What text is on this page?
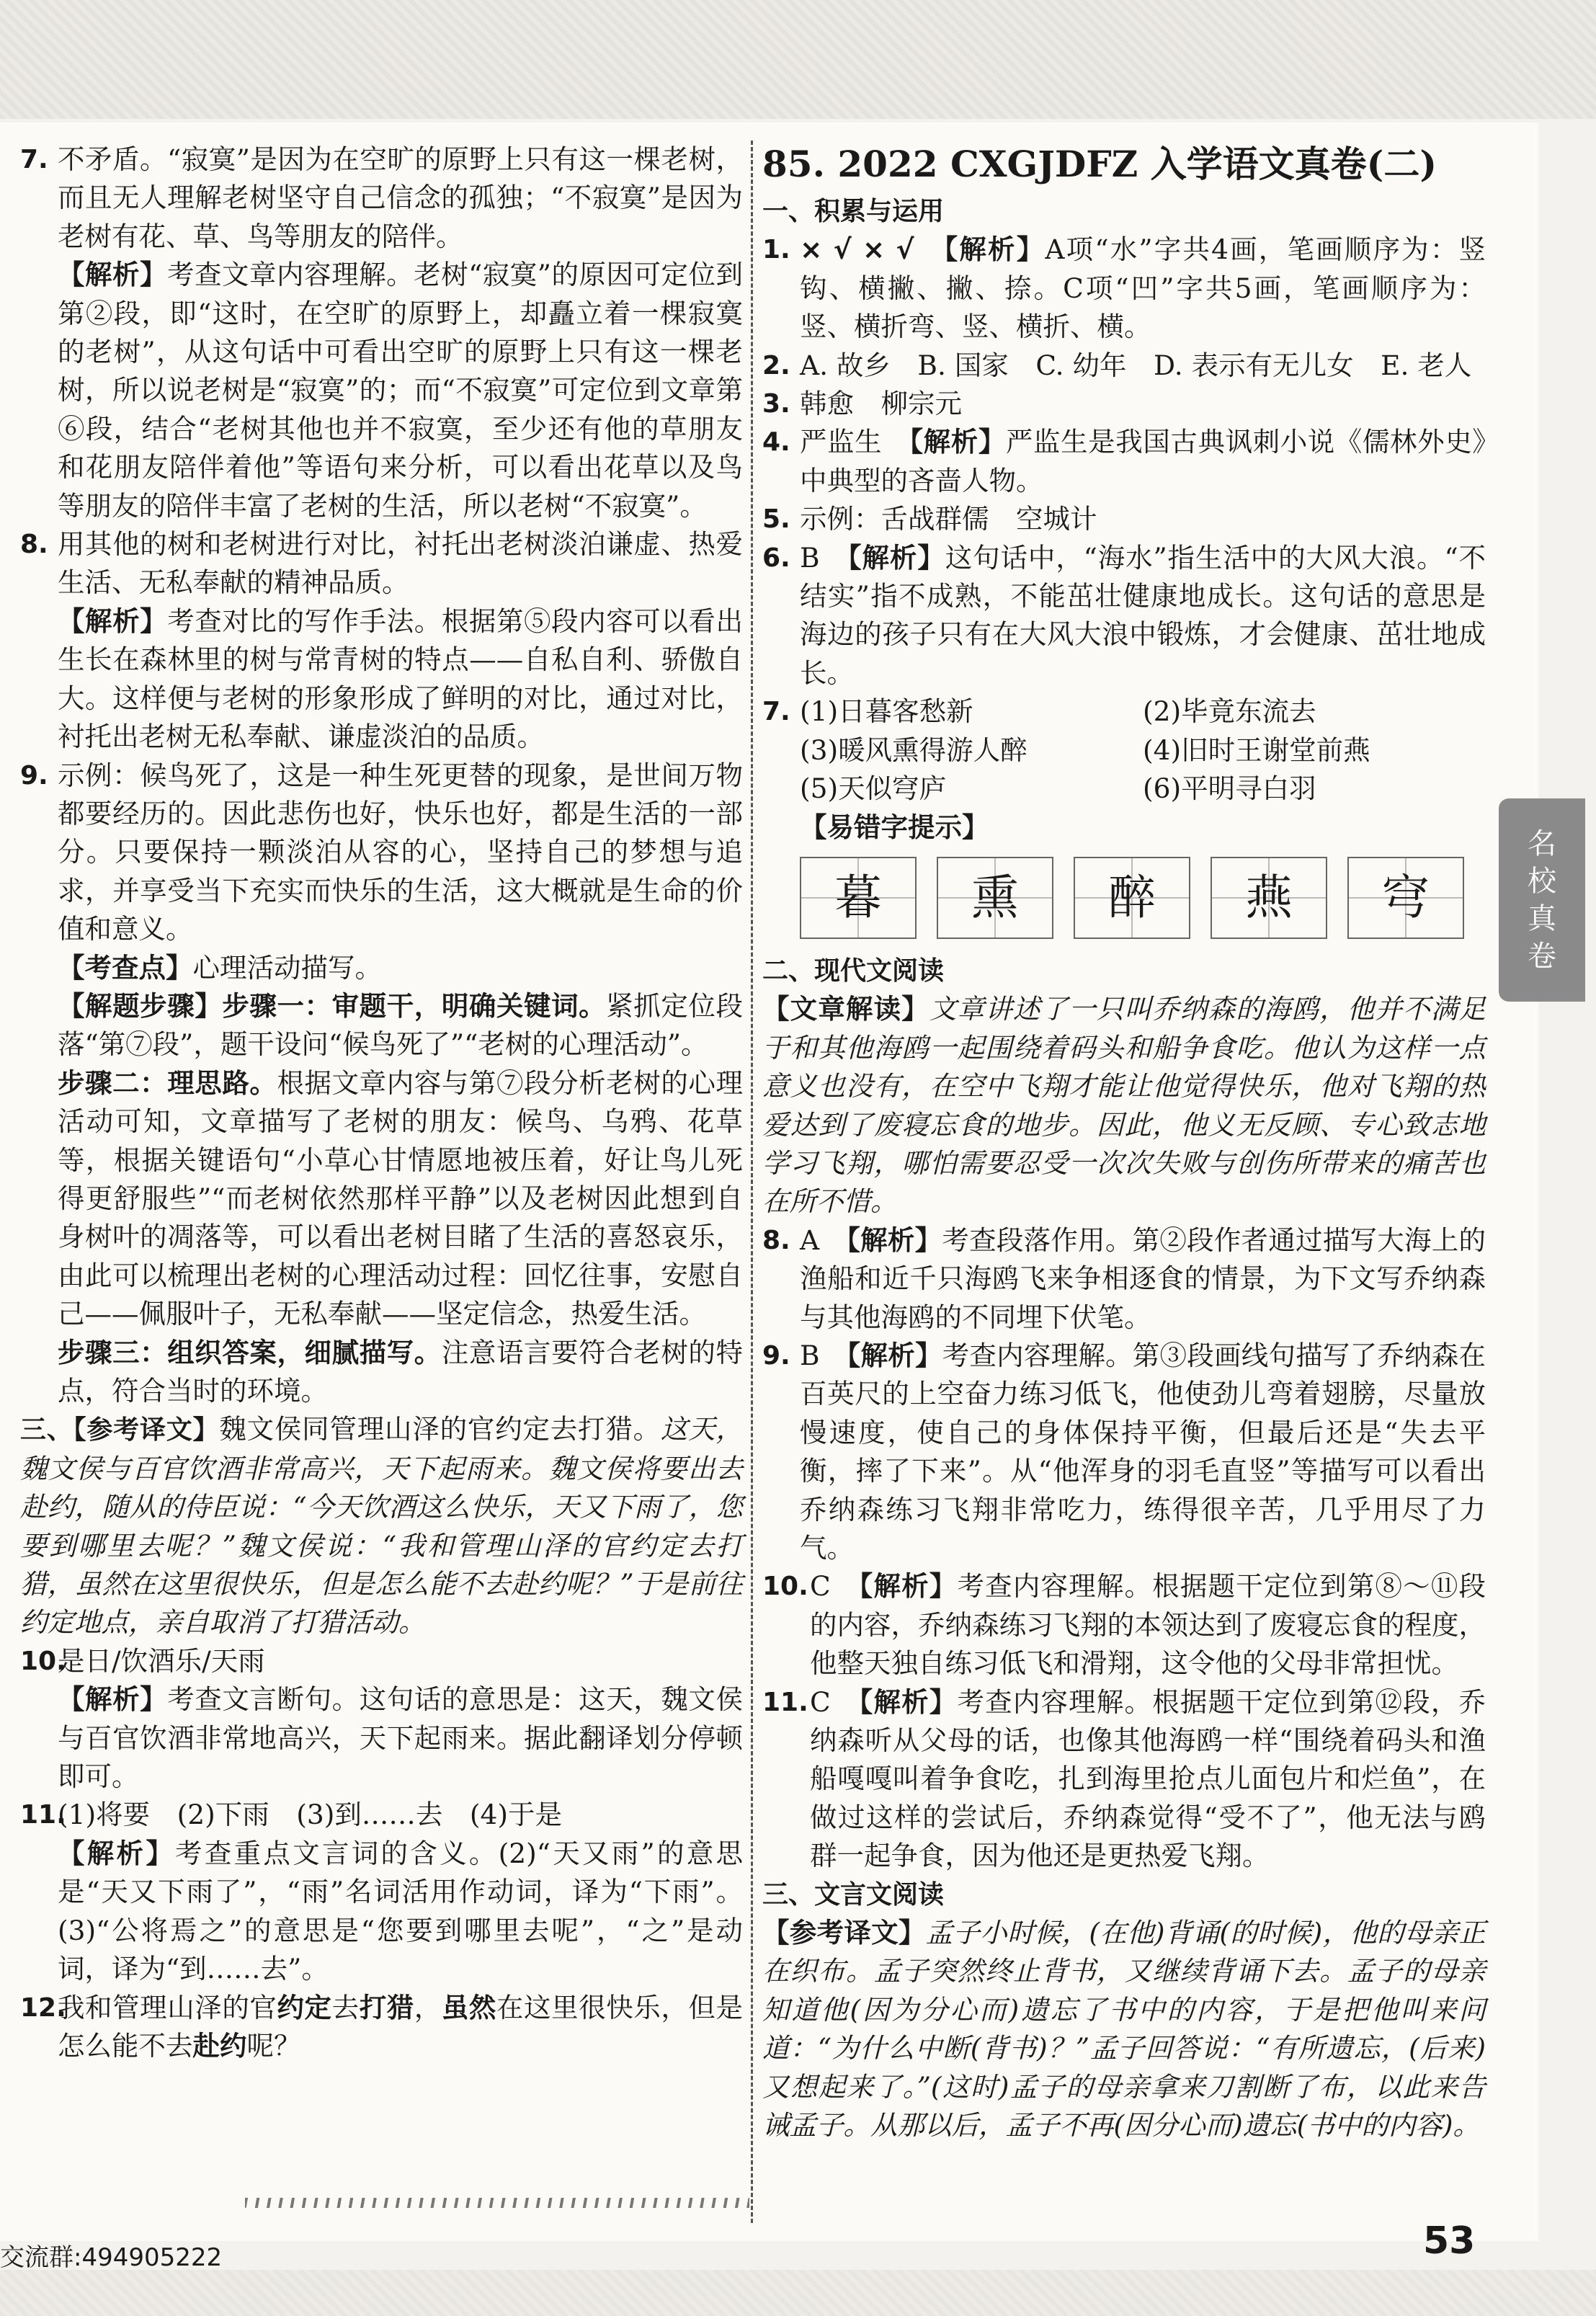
7. 不矛盾。“寂寞”是因为在空旷的原野上只有这一棵老树，而且无人理解老树坚守自己信念的孤独；“不寂寞”是因为老树有花、草、鸟等朋友的陪伴。
【解析】考查文章内容理解。老树“寂寞”的原因可定位到第②段，即“这时，在空旷的原野上，却矗立着一棵寂寞的老树”，从这句话中可看出空旷的原野上只有这一棵老树，所以说老树是“寂寞”的；而“不寂寞”可定位到文章第⑥段，结合“老树其他也并不寂寞，至少还有他的草朋友和花朋友陪伴着他”等语句来分析，可以看出花草以及鸟等朋友的陪伴丰富了老树的生活，所以老树“不寂寞”。
8. 用其他的树和老树进行对比，衬托出老树淡泊谦虚、热爱生活、无私奉献的精神品质。
【解析】考查对比的写作手法。根据第⑤段内容可以看出生长在森林里的树与常青树的特点——自私自利、骄傲自大。这样便与老树的形象形成了鲜明的对比，通过对比，衬托出老树无私奉献、谦虚淡泊的品质。
9. 示例：候鸟死了，这是一种生死更替的现象，是世间万物都要经历的。因此悲伤也好，快乐也好，都是生活的一部分。只要保持一颗淡泊从容的心，坚持自己的梦想与追求，并享受当下充实而快乐的生活，这大概就是生命的价值和意义。
【考查点】心理活动描写。
【解题步骤】步骤一：审题干，明确关键词。紧抓定位段落“第⑦段”，题干设问“候鸟死了”“老树的心理活动”。
步骤二：理思路。根据文章内容与第⑦段分析老树的心理活动可知，文章描写了老树的朋友：候鸟、乌鸦、花草等，根据关键语句“小草心甘情愿地被压着，好让鸟儿死得更舒服些”“而老树依然那样平静”以及老树因此想到自身树叶的凋落等，可以看出老树目睹了生活的喜怒哀乐，由此可以梳理出老树的心理活动过程：回忆往事，安慰自己——佩服叶子，无私奉献——坚定信念，热爱生活。
步骤三：组织答案，细腻描写。注意语言要符合老树的特点，符合当时的环境。
三、【参考译文】魏文侯同管理山泽的官约定去打猎。这天，魏文侯与百官饮酒非常高兴，天下起雨来。魏文侯将要出去赴约，随从的侍臣说：“今天饮酒这么快乐，天又下雨了，您要到哪里去呢？”魏文侯说：“我和管理山泽的官约定去打猎，虽然在这里很快乐，但是怎么能不去赴约呢？”于是前往约定地点，亲自取消了打猎活动。
10.
是日/饮酒乐/天雨
【解析】考查文言断句。这句话的意思是：这天，魏文侯与百官饮酒非常地高兴，天下起雨来。据此翻译划分停顿即可。
11.
(1)将要　(2)下雨　(3)到……去　(4)于是
【解析】考查重点文言词的含义。(2)“天又雨”的意思是“天又下雨了”，“雨”名词活用作动词，译为“下雨”。(3)“公将焉之”的意思是“您要到哪里去呢”，“之”是动词，译为“到……去”。
12.
我和管理山泽的官约定去打猎，虽然在这里很快乐，但是怎么能不去赴约呢？
85. 2022 CXGJDFZ 入学语文真卷(二)
一、积累与运用
1. × √ × √　 【解析】A项“水”字共4画，笔画顺序为：竖钩、横撇、撇、捺。C项“凹”字共5画，笔画顺序为：竖、横折弯、竖、横折、横。
2. A. 故乡　B. 国家　C. 幼年　D. 表示有无儿女　E. 老人
3. 韩愈　柳宗元
4. 严监生　 【解析】严监生是我国古典讽刺小说《儒林外史》中典型的吝啬人物。
5. 示例：舌战群儒　空城计
6. B　 【解析】这句话中，“海水”指生活中的大风大浪。“不结实”指不成熟，不能茁壮健康地成长。这句话的意思是海边的孩子只有在大风大浪中锻炼，才会健康、茁壮地成长。
7. (1)日暮客愁新	(2)毕竟东流去
(3)暖风熏得游人醉	(4)旧时王谢堂前燕
(5)天似穹庐	(6)平明寻白羽
【易错字提示】
暮	熏	醉	燕	穹
二、现代文阅读
【文章解读】文章讲述了一只叫乔纳森的海鸥，他并不满足于和其他海鸥一起围绕着码头和船争食吃。他认为这样一点意义也没有，在空中飞翔才能让他觉得快乐，他对飞翔的热爱达到了废寝忘食的地步。因此，他义无反顾、专心致志地学习飞翔，哪怕需要忍受一次次失败与创伤所带来的痛苦也在所不惜。
8. A　 【解析】考查段落作用。第②段作者通过描写大海上的渔船和近千只海鸥飞来争相逐食的情景，为下文写乔纳森与其他海鸥的不同埋下伏笔。
9. B　 【解析】考查内容理解。第③段画线句描写了乔纳森在百英尺的上空奋力练习低飞，他使劲儿弯着翅膀，尽量放慢速度，使自己的身体保持平衡，但最后还是“失去平衡，摔了下来”。从“他浑身的羽毛直竖”等描写可以看出乔纳森练习飞翔非常吃力，练得很辛苦，几乎用尽了力气。
10. C　 【解析】考查内容理解。根据题干定位到第⑧～⑪段的内容，乔纳森练习飞翔的本领达到了废寝忘食的程度，他整天独自练习低飞和滑翔，这令他的父母非常担忧。
11. C　 【解析】考查内容理解。根据题干定位到第⑫段，乔纳森听从父母的话，也像其他海鸥一样“围绕着码头和渔船嘎嘎叫着争食吃，扎到海里抢点儿面包片和烂鱼”，在做过这样的尝试后，乔纳森觉得“受不了”，他无法与鸥群一起争食，因为他还是更热爱飞翔。
三、文言文阅读
【参考译文】孟子小时候，(在他)背诵(的时候)，他的母亲正在织布。孟子突然终止背书，又继续背诵下去。孟子的母亲知道他(因为分心而)遗忘了书中的内容，于是把他叫来问道：“为什么中断(背书)？”孟子回答说：“有所遗忘，(后来)又想起来了。”(这时)孟子的母亲拿来刀割断了布，以此来告诫孟子。从那以后，孟子不再(因分心而)遗忘(书中的内容)。
名
校
真
卷
交流群:494905222	53
